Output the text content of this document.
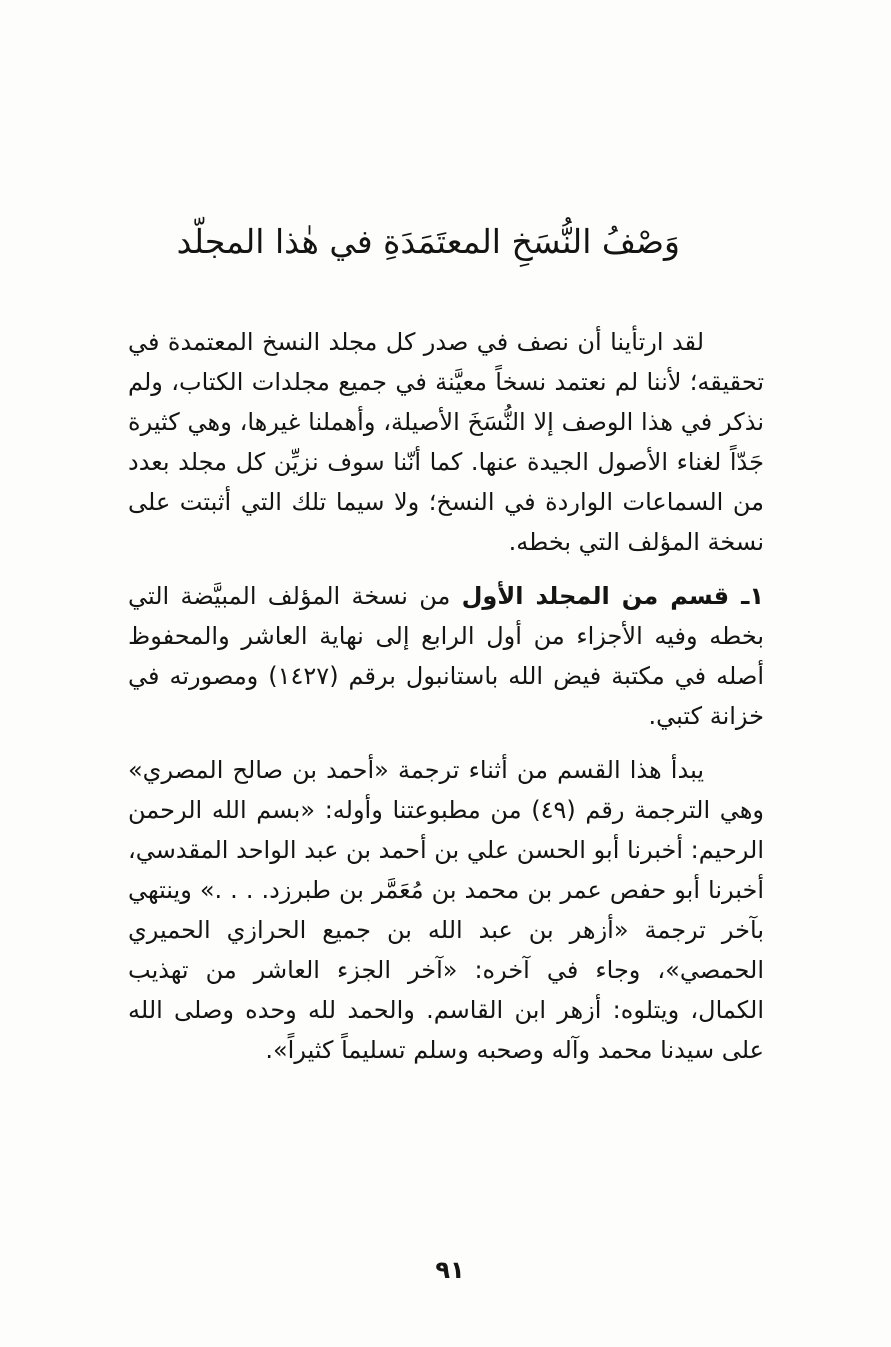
وَصْفُ النُّسَخِ المعتَمَدَةِ في هٰذا المجلّد

لقد ارتأينا أن نصف في صدر كل مجلد النسخ المعتمدة في تحقيقه؛ لأننا لم نعتمد نسخاً معيَّنة في جميع مجلدات الكتاب، ولم نذكر في هذا الوصف إلا النُّسَخَ الأصيلة، وأهملنا غيرها، وهي كثيرة جَدّاً لغناء الأصول الجيدة عنها. كما أنّنا سوف نزيِّن كل مجلد بعدد من السماعات الواردة في النسخ؛ ولا سيما تلك التي أثبتت على نسخة المؤلف التي بخطه.

١ـ قسم من المجلد الأول من نسخة المؤلف المبيَّضة التي بخطه وفيه الأجزاء من أول الرابع إلى نهاية العاشر والمحفوظ أصله في مكتبة فيض الله باستانبول برقم (١٤٢٧) ومصورته في خزانة كتبي.

يبدأ هذا القسم من أثناء ترجمة «أحمد بن صالح المصري» وهي الترجمة رقم (٤٩) من مطبوعتنا وأوله: «بسم الله الرحمن الرحيم: أخبرنا أبو الحسن علي بن أحمد بن عبد الواحد المقدسي، أخبرنا أبو حفص عمر بن محمد بن مُعَمَّر بن طبرزد. . . .» وينتهي بآخر ترجمة «أزهر بن عبد الله بن جميع الحرازي الحميري الحمصي»، وجاء في آخره: «آخر الجزء العاشر من تهذيب الكمال، ويتلوه: أزهر ابن القاسم. والحمد لله وحده وصلى الله على سيدنا محمد وآله وصحبه وسلم تسليماً كثيراً».

٩١
